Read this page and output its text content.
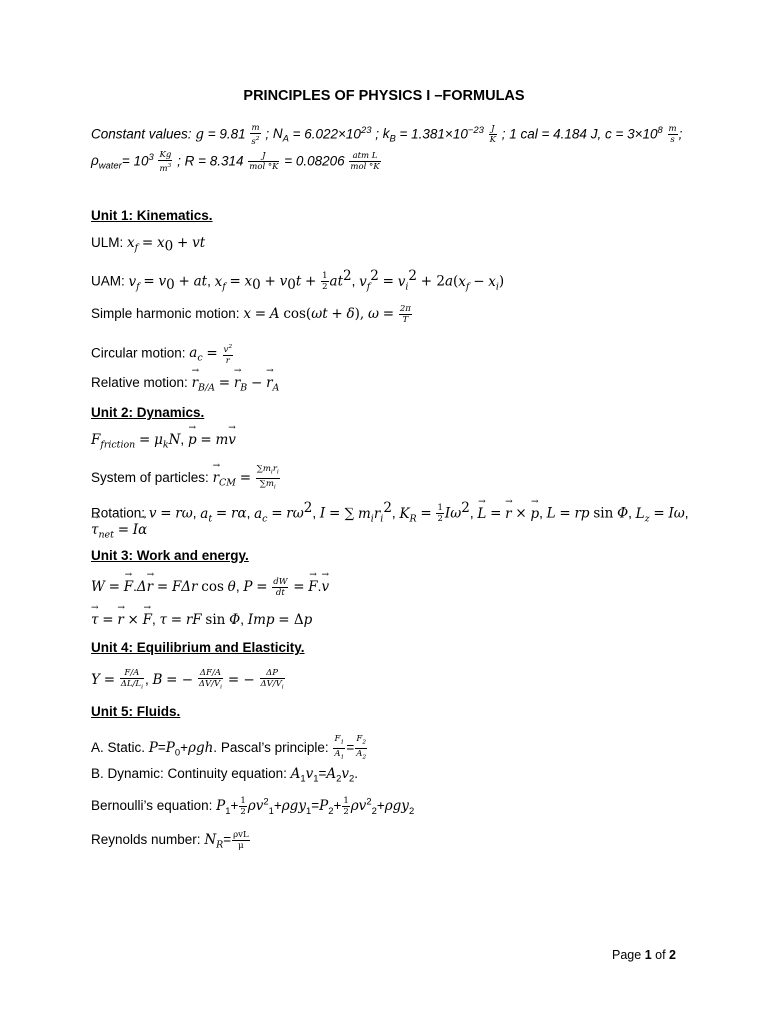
PRINCIPLES OF PHYSICS I –FORMULAS
Constant values: $g = 9.81 \frac{m}{s^2}$ ; $N_A = 6.022\times 10^{23}$ ; $k_B = 1.381\times 10^{-23} \frac{J}{K}$ ; 1 cal = 4.184 J, $c = 3\times 10^8 \frac{m}{s}$ ;
$\rho_{water}= 10^3 \frac{Kg}{m^3}$ ; $R = 8.314 \frac{J}{\text{mol °K}} = 0.08206 \frac{\text{atm L}}{\text{mol °K}}$
Unit 1: Kinematics.
ULM: $x_f = x_0$ + vt
UAM: $v_f = v_0$ + at, $x_f = x_0 + v_0t + \frac{1}{2} at^2$, $v_f^2 = v_i^2 + 2a(x_f - x_i)$
Simple harmonic motion: x = A cos(ωt + δ), $\omega = \frac{2\pi}{T}$
Circular motion: $a_c = \frac{v^2}{r}$
Relative motion: → $r_{B/A}$ = → $r_B$ − → $r_A$
Unit 2: Dynamics.
$F_{friction} = \mu_kN$, → p = m→ v
System of particles: → $r_{CM} = \frac{\sum m_ir_i}{\sum m_i}$
Rotation: v = rω, $a_t = r\alpha$, $a_c = r\omega^2$, I = ∑ $m_ir_i^2$, $K_R = \frac{1}{2} I\omega^2$, → L = → r × → p, L = rp sin Φ, $L_z = I\omega$,
→ $\tau_{net} = I\to \alpha$
Unit 3: Work and energy.
W = → F.Δ→ r = FΔr cos θ, $P = \frac{dW}{dt}$ = → F.→ v
→ τ = → r × → F, τ = rF sin Φ, Imp = Δp
Unit 4: Equilibrium and Elasticity.
$Y = \frac{F/A}{\Delta L/L_i}$ , B = − $\frac{\Delta F/A}{\Delta V/V_i}$ = − $\frac{\Delta P}{\Delta V/V_i}$
Unit 5: Fluids.
A. Static. $P=P_0+\rho gh$. Pascal’s principle: $\frac{F_1}{A_1} = \frac{F_2}{A_2}$
B. Dynamic: Continuity equation: $A_1v_1=A_2v_2$.
Bernoulli’s equation: $P_1+ \frac{1}{2} \rho v^2_1+\rho gy_1=P_2+ \frac{1}{2} \rho v^2_2+\rho gy_2$
Reynolds number: $N_R= \frac{\text{ρvL}}{\mu}$
Page 1 of 2
